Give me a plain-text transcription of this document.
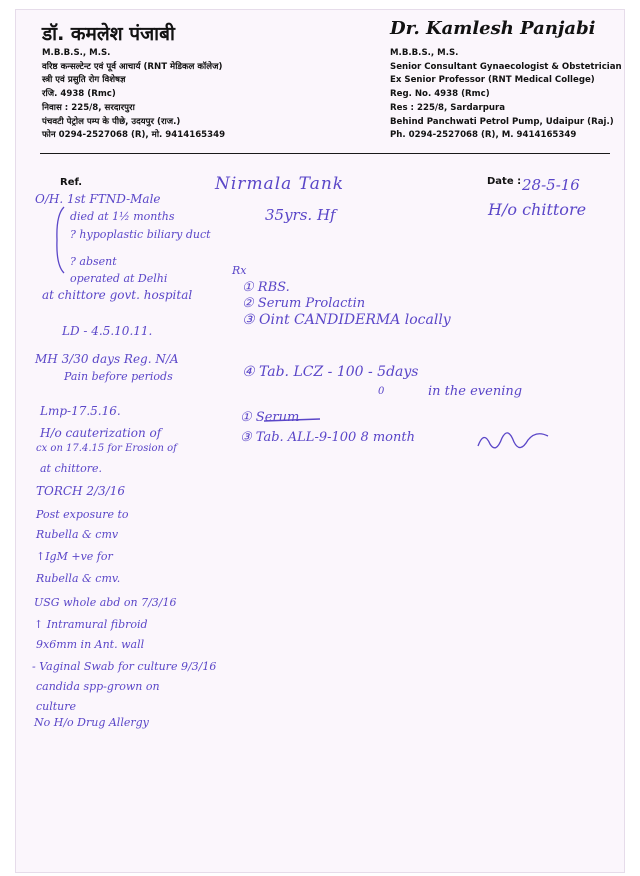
डॉ. कमलेश पंजाबी
M.B.B.S., M.S.
वरिष्ठ कन्सल्टेन्ट एवं पूर्व आचार्य (RNT मेडिकल कॉलेज)
स्त्री एवं प्रसुति रोग विशेषज्ञ
रजि. 4938 (Rmc)
निवास : 225/8, सरदारपुरा
पंचवटी पेट्रोल पम्प के पीछे, उदयपुर (राज.)
फोन 0294-2527068 (R), मो. 9414165349
Dr. Kamlesh Panjabi
M.B.B.S., M.S.
Senior Consultant Gynaecologist & Obstetrician
Ex Senior Professor (RNT Medical College)
Reg. No. 4938 (Rmc)
Res : 225/8, Sardarpura
Behind Panchwati Petrol Pump, Udaipur (Raj.)
Ph. 0294-2527068 (R), M. 9414165349
Ref.	Date : 28-5-16
Nirmala Tank
35yrs. Hf	H/o chittore
O/H. 1st FTND-Male
died at 1½ months
? hypoplastic biliary duct
? absent
operated at Delhi
at chittore govt. hospital
LD - 4.5.10.11.
MH 3/30 days Reg. N/A
Pain before periods
Lmp-17.5.16.
H/o cauterization of
cx on 17.4.15 for Erosion of
at chittore.
TORCH 2/3/16
Post exposure to
Rubella & cmv
↑IgM +ve for
Rubella & cmv.
USG whole abd on 7/3/16
↑ Intramural fibroid
9x6mm in Ant. wall
- Vaginal Swab for culture 9/3/16
candida spp-grown on
culture
No H/o Drug Allergy
Rx
① RBS.
② Serum Prolactin
③ Oint CANDIDERMA locally
④ Tab. LCZ - 100 - 5days
0	in the evening
① Serum
③ Tab. ALL-9-100 8 month
